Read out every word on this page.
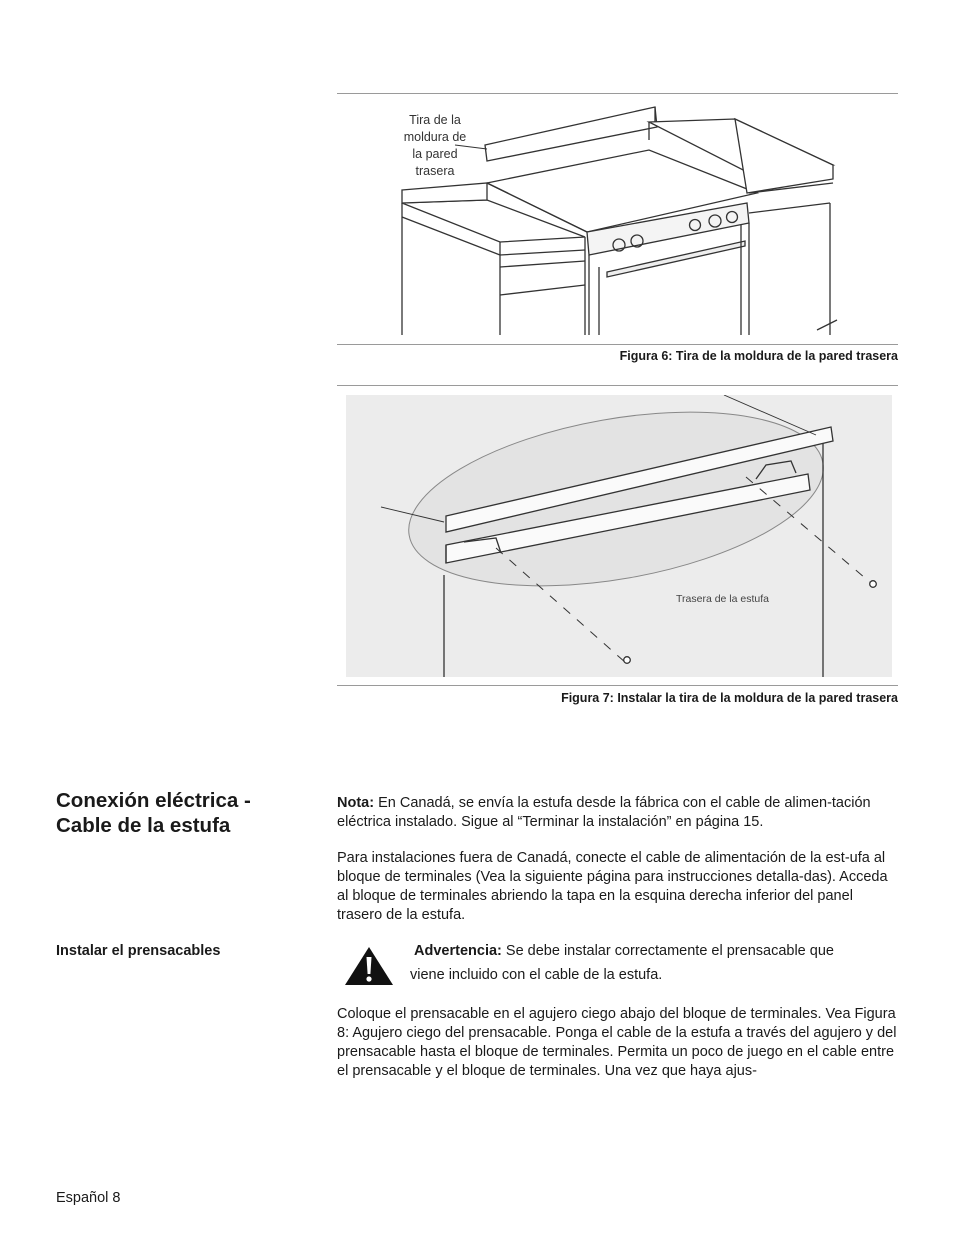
Tira de la
moldura de
la pared
trasera
Figura 6: Tira de la moldura de la pared trasera
Trasera de la estufa
Figura 7: Instalar la tira de la moldura de la pared trasera
Conexión eléctrica -
Cable de la estufa
Nota: En Canadá, se envía la estufa desde la fábrica con el cable de alimen-tación eléctrica instalado. Sigue al “Terminar la instalación” en página 15.
Para instalaciones fuera de Canadá, conecte el cable de alimentación de la est-ufa al bloque de terminales (Vea la siguiente página para instrucciones detalla-das). Acceda al bloque de terminales abriendo la tapa en la esquina derecha inferior del panel trasero de la estufa.
Instalar el prensacables	Advertencia: Se debe instalar correctamente el prensacable que
viene incluido con el cable de la estufa.
Coloque el prensacable en el agujero ciego abajo del bloque de terminales. Vea Figura 8: Agujero ciego del prensacable. Ponga el cable de la estufa a través del agujero y del prensacable hasta el bloque de terminales. Permita un poco de juego en el cable entre el prensacable y el bloque de terminales. Una vez que haya ajus-
Español 8
